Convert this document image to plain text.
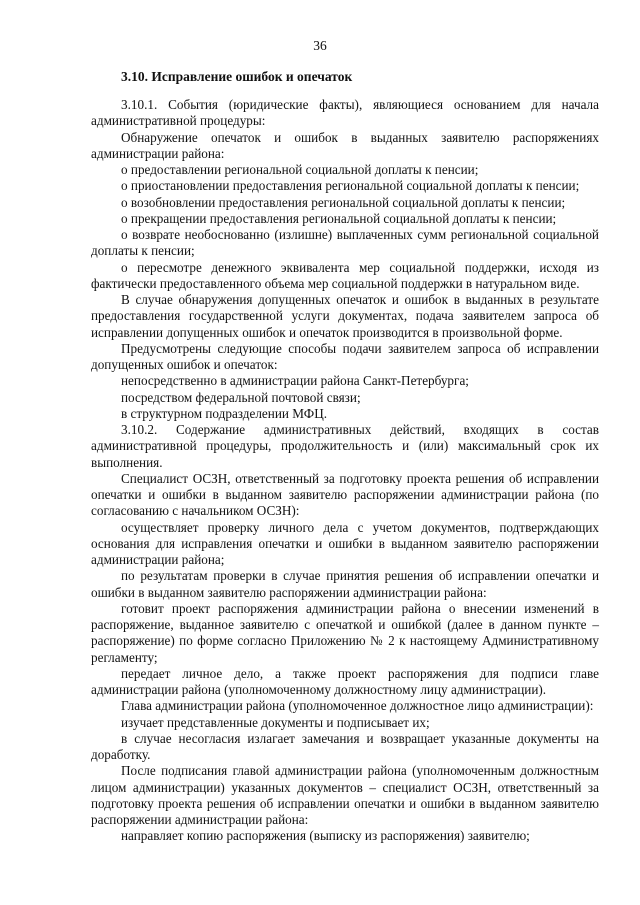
36
3.10. Исправление ошибок и опечаток

3.10.1. События (юридические факты), являющиеся основанием для начала административной процедуры:

Обнаружение опечаток и ошибок в выданных заявителю распоряжениях администрации района:

о предоставлении региональной социальной доплаты к пенсии;

о приостановлении предоставления региональной социальной доплаты к пенсии;

о возобновлении предоставления региональной социальной доплаты к пенсии;

о прекращении предоставления региональной социальной доплаты к пенсии;

о возврате необоснованно (излишне) выплаченных сумм региональной социальной доплаты к пенсии;

о пересмотре денежного эквивалента мер социальной поддержки, исходя из фактически предоставленного объема мер социальной поддержки в натуральном виде.

В случае обнаружения допущенных опечаток и ошибок в выданных в результате предоставления государственной услуги документах, подача заявителем запроса об исправлении допущенных ошибок и опечаток производится в произвольной форме.

Предусмотрены следующие способы подачи заявителем запроса об исправлении допущенных ошибок и опечаток:

непосредственно в администрации района Санкт-Петербурга;

посредством федеральной почтовой связи;

в структурном подразделении МФЦ.

3.10.2. Содержание административных действий, входящих в состав административной процедуры, продолжительность и (или) максимальный срок их выполнения.

Специалист ОСЗН, ответственный за подготовку проекта решения об исправлении опечатки и ошибки в выданном заявителю распоряжении администрации района (по согласованию с начальником ОСЗН):

осуществляет проверку личного дела с учетом документов, подтверждающих основания для исправления опечатки и ошибки в выданном заявителю распоряжении администрации района;

по результатам проверки в случае принятия решения об исправлении опечатки и ошибки в выданном заявителю распоряжении администрации района:

готовит проект распоряжения администрации района о внесении изменений в распоряжение, выданное заявителю с опечаткой и ошибкой (далее в данном пункте – распоряжение) по форме согласно Приложению № 2 к настоящему Административному регламенту;

передает личное дело, а также проект распоряжения для подписи главе администрации района (уполномоченному должностному лицу администрации).

Глава администрации района (уполномоченное должностное лицо администрации):

изучает представленные документы и подписывает их;

в случае несогласия излагает замечания и возвращает указанные документы на доработку.

После подписания главой администрации района (уполномоченным должностным лицом администрации) указанных документов – специалист ОСЗН, ответственный за подготовку проекта решения об исправлении опечатки и ошибки в выданном заявителю распоряжении администрации района:

направляет копию распоряжения (выписку из распоряжения) заявителю;
